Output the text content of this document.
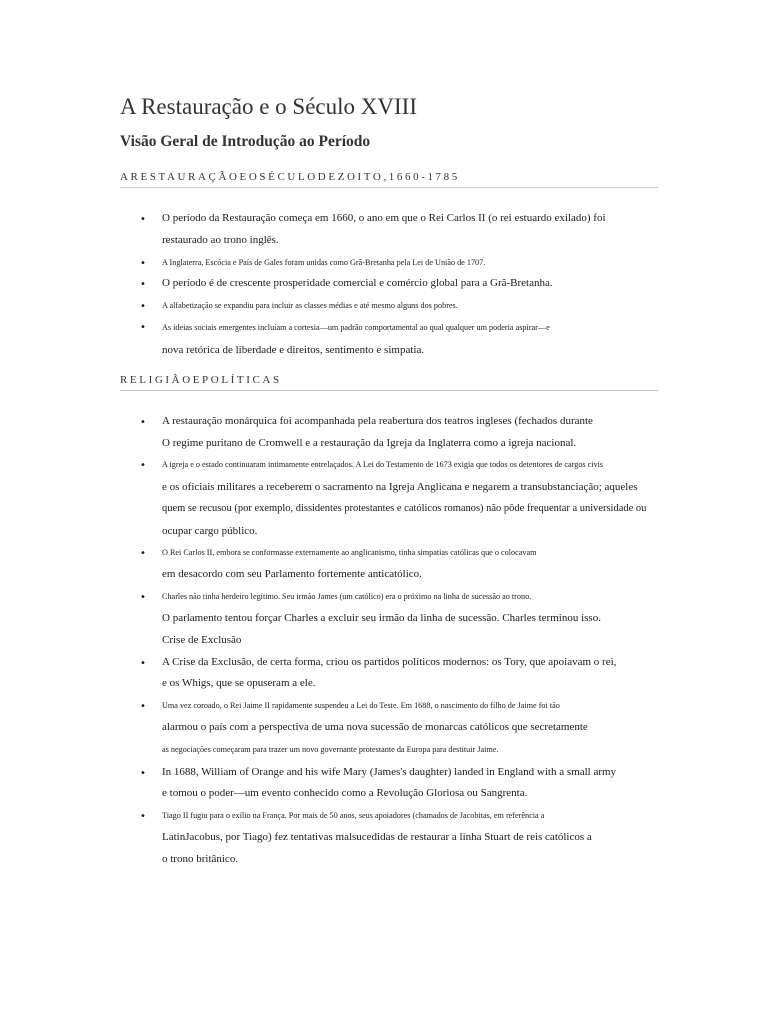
A Restauração e o Século XVIII
Visão Geral de Introdução ao Período
ARESTAURAÇÃOEOSÉCULODEZOITO,1660-1785
• O período da Restauração começa em 1660, o ano em que o Rei Carlos II (o rei estuardo exilado) foi
restaurado ao trono inglês.
• A Inglaterra, Escócia e País de Gales foram unidas como Grã-Bretanha pela Lei de União de 1707.
• O período é de crescente prosperidade comercial e comércio global para a Grã-Bretanha.
• A alfabetização se expandiu para incluir as classes médias e até mesmo alguns dos pobres.
• As ideias sociais emergentes incluíam a cortesia—um padrão comportamental ao qual qualquer um poderia aspirar—e
nova retórica de liberdade e direitos, sentimento e simpatia.
RELIGIÃOEPOLÍTICAS
• A restauração monárquica foi acompanhada pela reabertura dos teatros ingleses (fechados durante
O regime puritano de Cromwell e a restauração da Igreja da Inglaterra como a igreja nacional.
• A igreja e o estado continuaram intimamente entrelaçados. A Lei do Testamento de 1673 exigia que todos os detentores de cargos civis
e os oficiais militares a receberem o sacramento na Igreja Anglicana e negarem a transubstanciação; aqueles
quem se recusou (por exemplo, dissidentes protestantes e católicos romanos) não pôde frequentar a universidade ou
ocupar cargo público.
• O Rei Carlos II, embora se conformasse externamente ao anglicanismo, tinha simpatias católicas que o colocavam
em desacordo com seu Parlamento fortemente anticatólico.
• Charles não tinha herdeiro legítimo. Seu irmão James (um católico) era o próximo na linha de sucessão ao trono.
O parlamento tentou forçar Charles a excluir seu irmão da linha de sucessão. Charles terminou isso.
Crise de Exclusão
• A Crise da Exclusão, de certa forma, criou os partidos políticos modernos: os Tory, que apoiavam o rei,
e os Whigs, que se opuseram a ele.
• Uma vez coroado, o Rei Jaime II rapidamente suspendeu a Lei do Teste. Em 1688, o nascimento do filho de Jaime foi tão
alarmou o país com a perspectiva de uma nova sucessão de monarcas católicos que secretamente
as negociações começaram para trazer um novo governante protestante da Europa para destituir Jaime.
• In 1688, William of Orange and his wife Mary (James's daughter) landed in England with a small army
e tomou o poder—um evento conhecido como a Revolução Gloriosa ou Sangrenta.
• Tiago II fugiu para o exílio na França. Por mais de 50 anos, seus apoiadores (chamados de Jacobitas, em referência a
LatinJacobus, por Tiago) fez tentativas malsucedidas de restaurar a linha Stuart de reis católicos a
o trono britânico.
